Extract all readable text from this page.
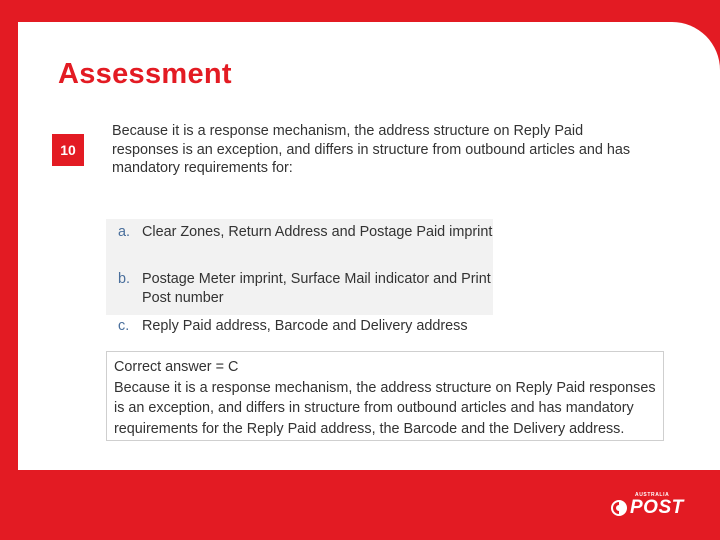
Assessment
10
Because it is a response mechanism, the address structure on Reply Paid responses is an exception, and differs in structure from outbound articles and has mandatory requirements for:
a. Clear Zones, Return Address and Postage Paid imprint
b. Postage Meter imprint, Surface Mail indicator and Print Post number
c. Reply Paid address, Barcode and Delivery address
Correct answer = C
Because it is a response mechanism, the address structure on Reply Paid responses is an exception, and differs in structure from outbound articles and has mandatory requirements for the Reply Paid address, the Barcode and the Delivery address.
AUSTRALIA
POST
